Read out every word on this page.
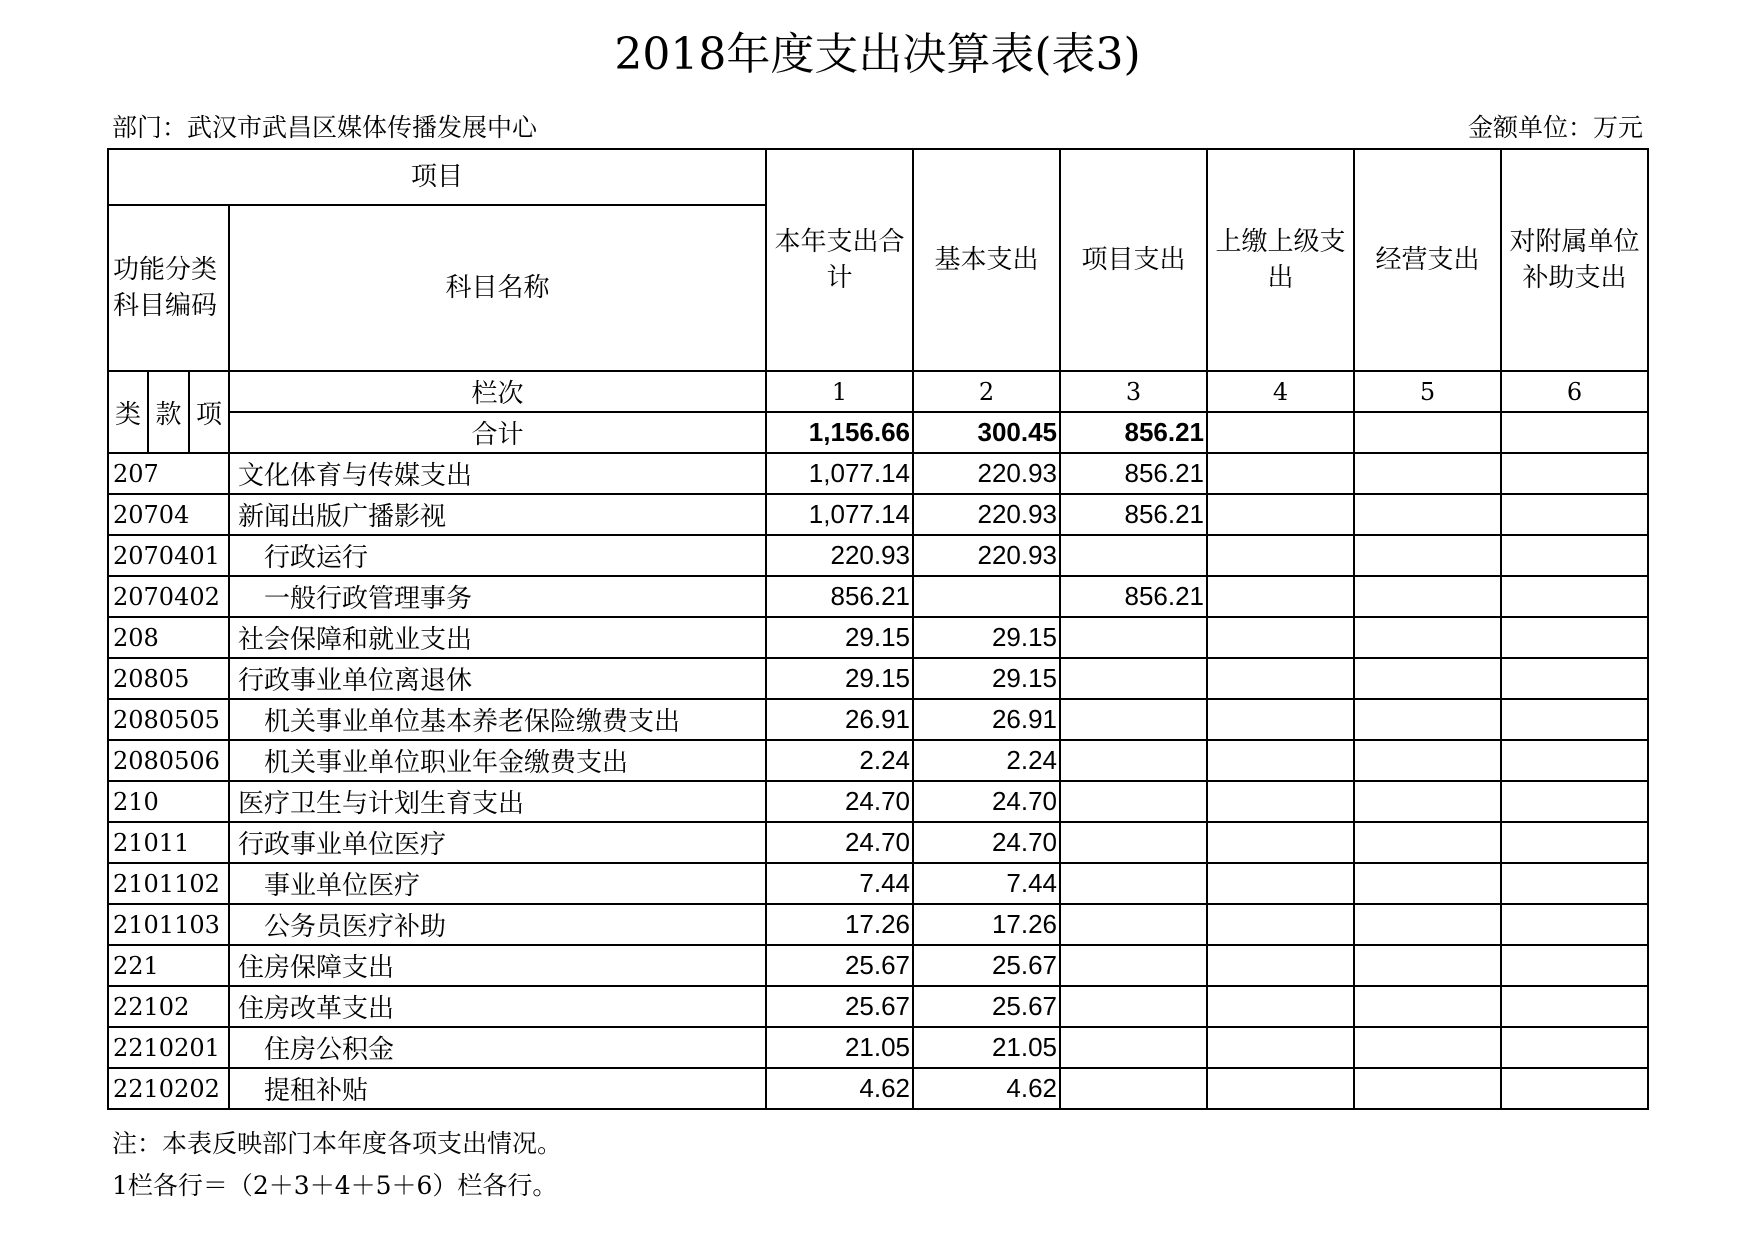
2018年度支出决算表(表3)
部门：武汉市武昌区媒体传播发展中心	金额单位：万元
项目				本年支出合计	基本支出	项目支出	上缴上级支出	经营支出	对附属单位补助支出
功能分类科目编码			科目名称						
类	款	项	栏次	1	2	3	4	5	6
			合计	1,156.66	300.45	856.21			
207			文化体育与传媒支出	1,077.14	220.93	856.21			
20704			新闻出版广播影视	1,077.14	220.93	856.21			
2070401			行政运行	220.93	220.93				
2070402			一般行政管理事务	856.21		856.21			
208			社会保障和就业支出	29.15	29.15				
20805			行政事业单位离退休	29.15	29.15				
2080505			机关事业单位基本养老保险缴费支出	26.91	26.91				
2080506			机关事业单位职业年金缴费支出	2.24	2.24				
210			医疗卫生与计划生育支出	24.70	24.70				
21011			行政事业单位医疗	24.70	24.70				
2101102			事业单位医疗	7.44	7.44				
2101103			公务员医疗补助	17.26	17.26				
221			住房保障支出	25.67	25.67				
22102			住房改革支出	25.67	25.67				
2210201			住房公积金	21.05	21.05				
2210202			提租补贴	4.62	4.62				
注：本表反映部门本年度各项支出情况。
1栏各行＝（2＋3＋4＋5＋6）栏各行。
